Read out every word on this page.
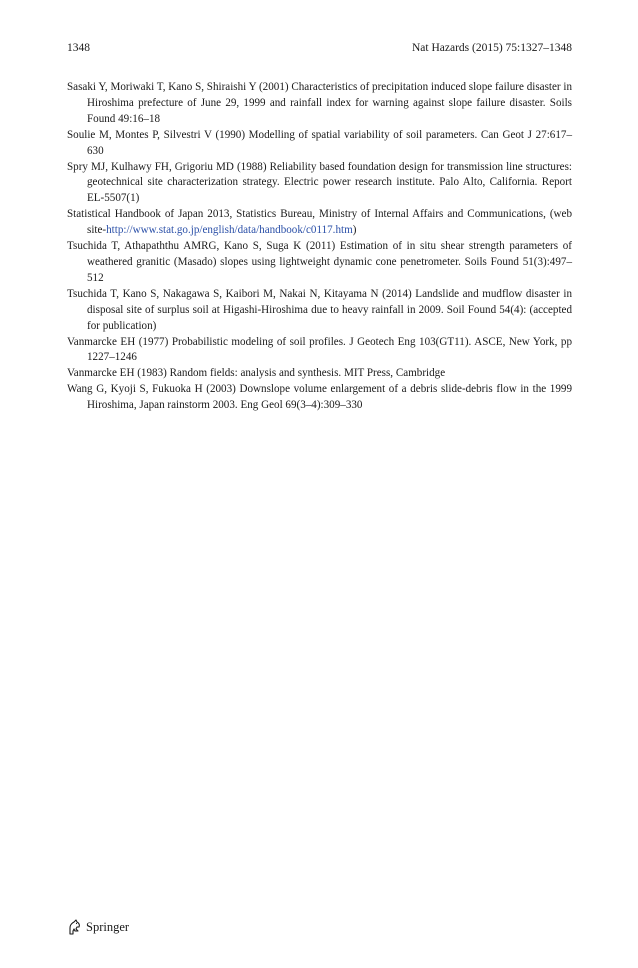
1348	Nat Hazards (2015) 75:1327–1348
Sasaki Y, Moriwaki T, Kano S, Shiraishi Y (2001) Characteristics of precipitation induced slope failure disaster in Hiroshima prefecture of June 29, 1999 and rainfall index for warning against slope failure disaster. Soils Found 49:16–18
Soulie M, Montes P, Silvestri V (1990) Modelling of spatial variability of soil parameters. Can Geot J 27:617–630
Spry MJ, Kulhawy FH, Grigoriu MD (1988) Reliability based foundation design for transmission line structures: geotechnical site characterization strategy. Electric power research institute. Palo Alto, California. Report EL-5507(1)
Statistical Handbook of Japan 2013, Statistics Bureau, Ministry of Internal Affairs and Communications, (web site-http://www.stat.go.jp/english/data/handbook/c0117.htm)
Tsuchida T, Athapaththu AMRG, Kano S, Suga K (2011) Estimation of in situ shear strength parameters of weathered granitic (Masado) slopes using lightweight dynamic cone penetrometer. Soils Found 51(3):497–512
Tsuchida T, Kano S, Nakagawa S, Kaibori M, Nakai N, Kitayama N (2014) Landslide and mudflow disaster in disposal site of surplus soil at Higashi-Hiroshima due to heavy rainfall in 2009. Soil Found 54(4): (accepted for publication)
Vanmarcke EH (1977) Probabilistic modeling of soil profiles. J Geotech Eng 103(GT11). ASCE, New York, pp 1227–1246
Vanmarcke EH (1983) Random fields: analysis and synthesis. MIT Press, Cambridge
Wang G, Kyoji S, Fukuoka H (2003) Downslope volume enlargement of a debris slide-debris flow in the 1999 Hiroshima, Japan rainstorm 2003. Eng Geol 69(3–4):309–330
Springer
